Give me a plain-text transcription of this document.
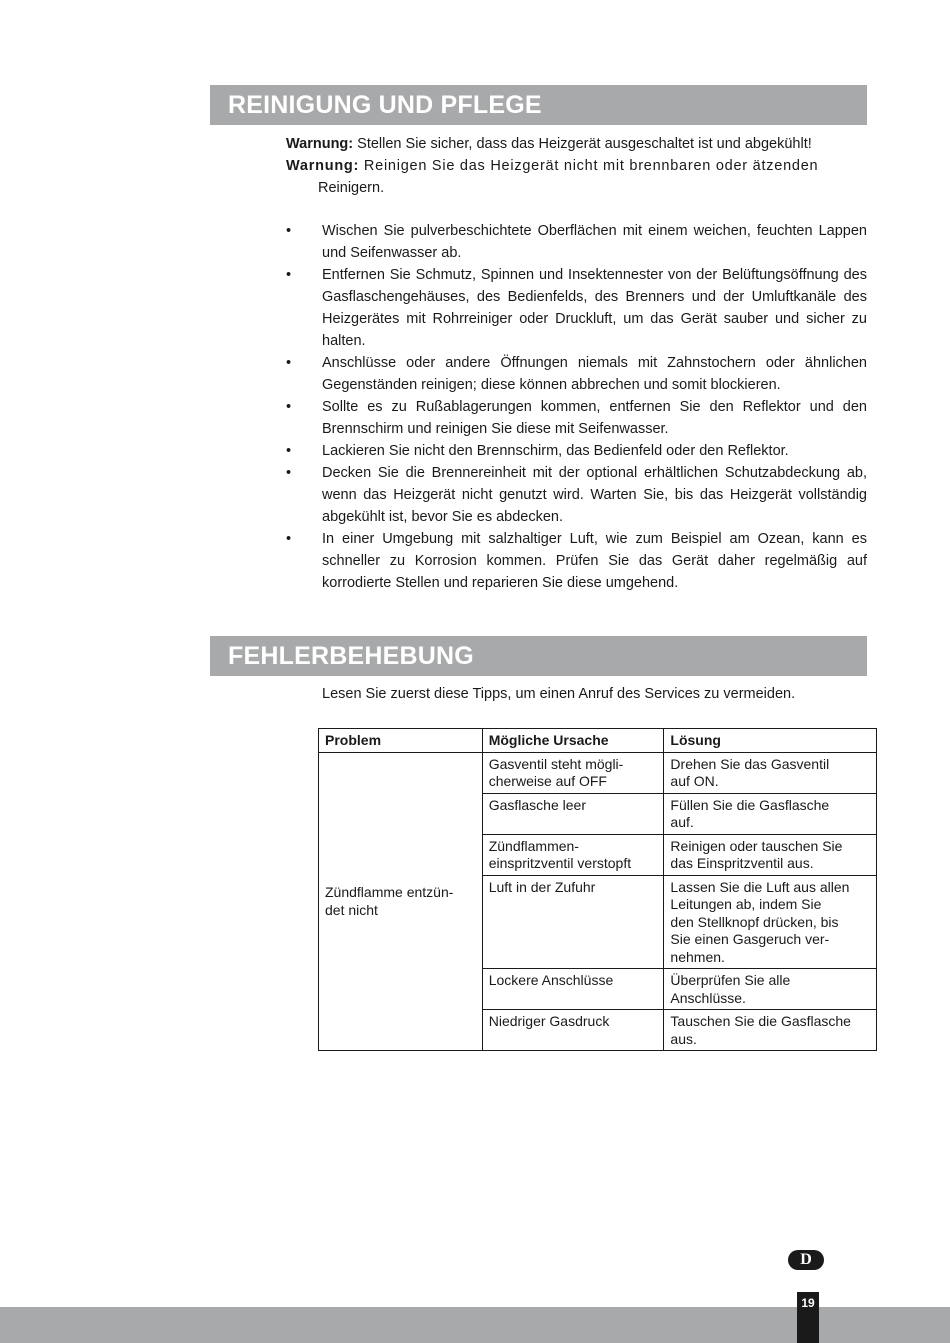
REINIGUNG UND PFLEGE
Warnung: Stellen Sie sicher, dass das Heizgerät ausgeschaltet ist und abgekühlt!
Warnung: Reinigen Sie das Heizgerät nicht mit brennbaren oder ätzenden
Reinigern.
• Wischen Sie pulverbeschichtete Oberflächen mit einem weichen, feuchten Lappen und Seifenwasser ab.
• Entfernen Sie Schmutz, Spinnen und Insektennester von der Belüftungsöffnung des Gasflaschengehäuses, des Bedienfelds, des Brenners und der Umluftkanäle des Heizgerätes mit Rohrreiniger oder Druckluft, um das Gerät sauber und sicher zu halten.
• Anschlüsse oder andere Öffnungen niemals mit Zahnstochern oder ähnlichen Gegenständen reinigen; diese können abbrechen und somit blockieren.
• Sollte es zu Rußablagerungen kommen, entfernen Sie den Reflektor und den Brennschirm und reinigen Sie diese mit Seifenwasser.
• Lackieren Sie nicht den Brennschirm, das Bedienfeld oder den Reflektor.
• Decken Sie die Brennereinheit mit der optional erhältlichen Schutzabdeckung ab, wenn das Heizgerät nicht genutzt wird. Warten Sie, bis das Heizgerät vollständig abgekühlt ist, bevor Sie es abdecken.
• In einer Umgebung mit salzhaltiger Luft, wie zum Beispiel am Ozean, kann es schneller zu Korrosion kommen. Prüfen Sie das Gerät daher regelmäßig auf korrodierte Stellen und reparieren Sie diese umgehend.
FEHLERBEHEBUNG
Lesen Sie zuerst diese Tipps, um einen Anruf des Services zu vermeiden.
Problem	Mögliche Ursache	Lösung
Zündflamme entzün-
det nicht	Gasventil steht mögli-
cherweise auf OFF	Drehen Sie das Gasventil
auf ON.
	Gasflasche leer	Füllen Sie die Gasflasche
auf.
	Zündflammen-
einspritzventil verstopft	Reinigen oder tauschen Sie
das Einspritzventil aus.
	Luft in der Zufuhr	Lassen Sie die Luft aus allen
Leitungen ab, indem Sie
den Stellknopf drücken, bis
Sie einen Gasgeruch ver-
nehmen.
	Lockere Anschlüsse	Überprüfen Sie alle
Anschlüsse.
	Niedriger Gasdruck	Tauschen Sie die Gasflasche
aus.
D
19
